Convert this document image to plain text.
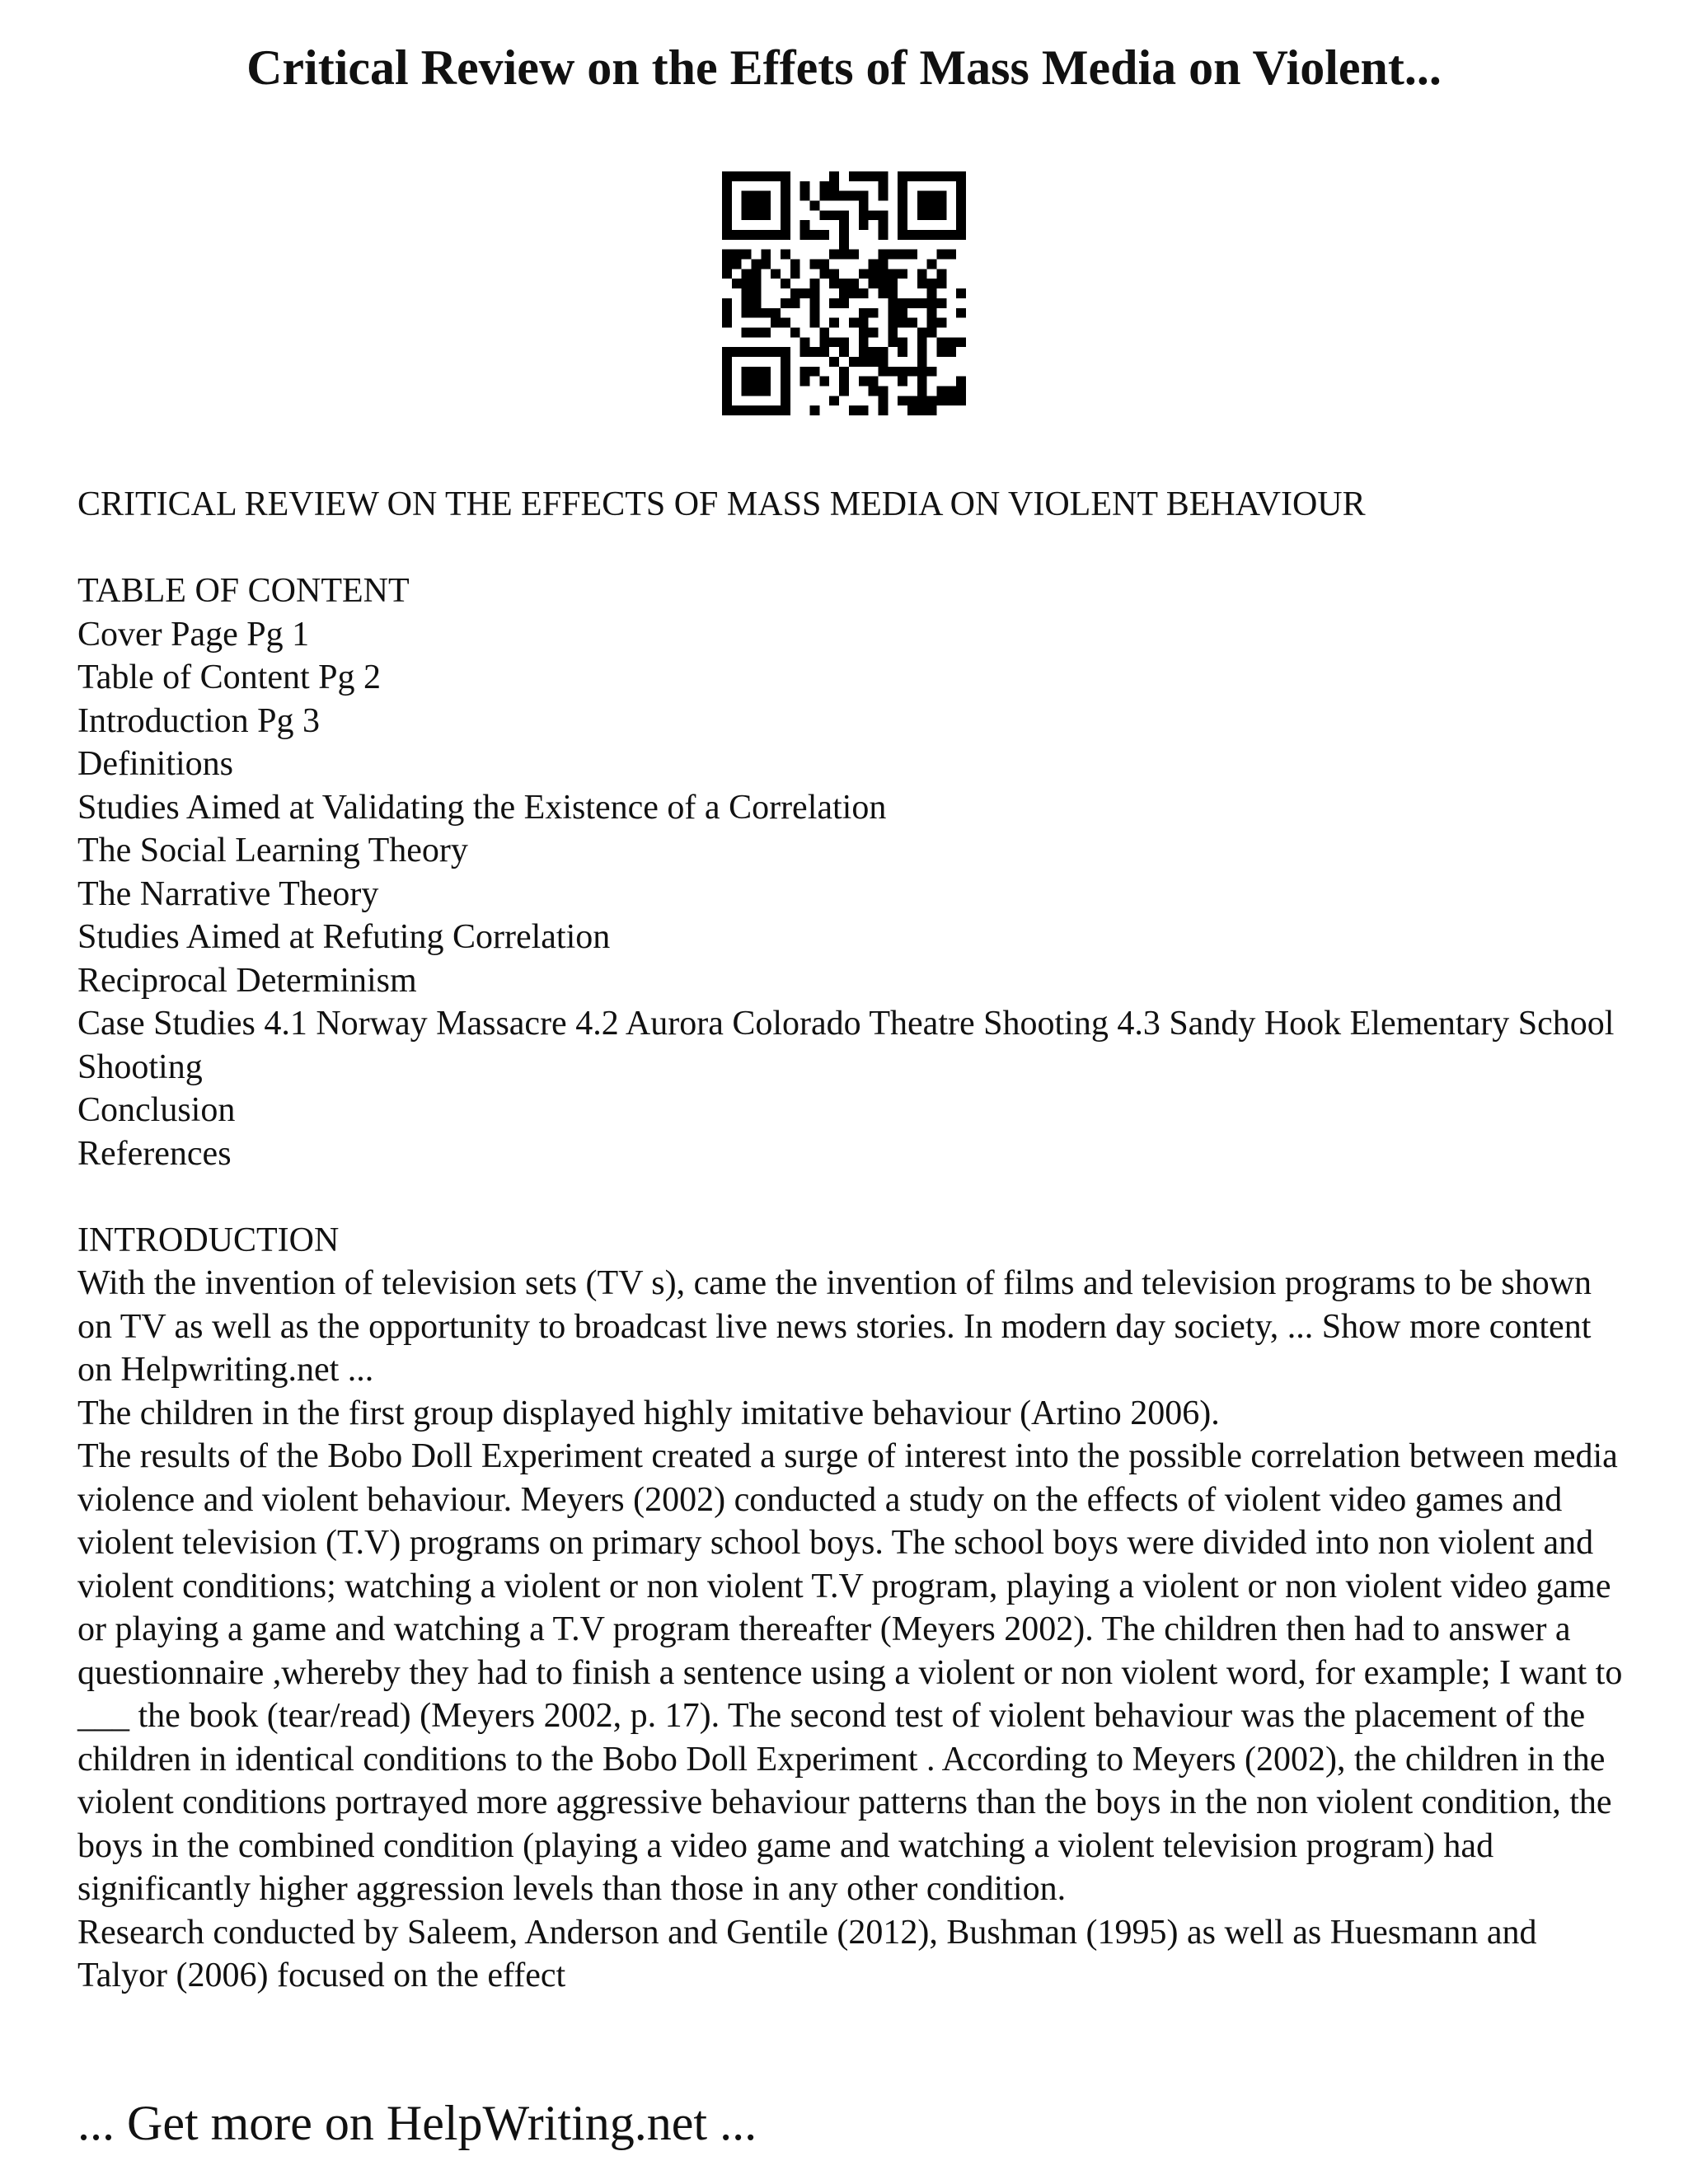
Critical Review on the Effets of Mass Media on Violent...

CRITICAL REVIEW ON THE EFFECTS OF MASS MEDIA ON VIOLENT BEHAVIOUR

TABLE OF CONTENT

Cover Page Pg 1

Table of Content Pg 2

Introduction Pg 3

Definitions

Studies Aimed at Validating the Existence of a Correlation

The Social Learning Theory

The Narrative Theory

Studies Aimed at Refuting Correlation

Reciprocal Determinism

Case Studies 4.1 Norway Massacre 4.2 Aurora Colorado Theatre Shooting 4.3 Sandy Hook Elementary School Shooting

Conclusion

References

INTRODUCTION

With the invention of television sets (TV s), came the invention of films and television programs to be shown on TV as well as the opportunity to broadcast live news stories. In modern day society, ... Show more content on Helpwriting.net ...

The children in the first group displayed highly imitative behaviour (Artino 2006).

The results of the Bobo Doll Experiment created a surge of interest into the possible correlation between media violence and violent behaviour. Meyers (2002) conducted a study on the effects of violent video games and violent television (T.V) programs on primary school boys. The school boys were divided into non violent and violent conditions; watching a violent or non violent T.V program, playing a violent or non violent video game or playing a game and watching a T.V program thereafter (Meyers 2002). The children then had to answer a questionnaire ,whereby they had to finish a sentence using a violent or non violent word, for example; I want to ___ the book (tear/read) (Meyers 2002, p. 17). The second test of violent behaviour was the placement of the children in identical conditions to the Bobo Doll Experiment . According to Meyers (2002), the children in the violent conditions portrayed more aggressive behaviour patterns than the boys in the non violent condition, the boys in the combined condition (playing a video game and watching a violent television program) had significantly higher aggression levels than those in any other condition.

Research conducted by Saleem, Anderson and Gentile (2012), Bushman (1995) as well as Huesmann and Talyor (2006) focused on the effect

... Get more on HelpWriting.net ...
